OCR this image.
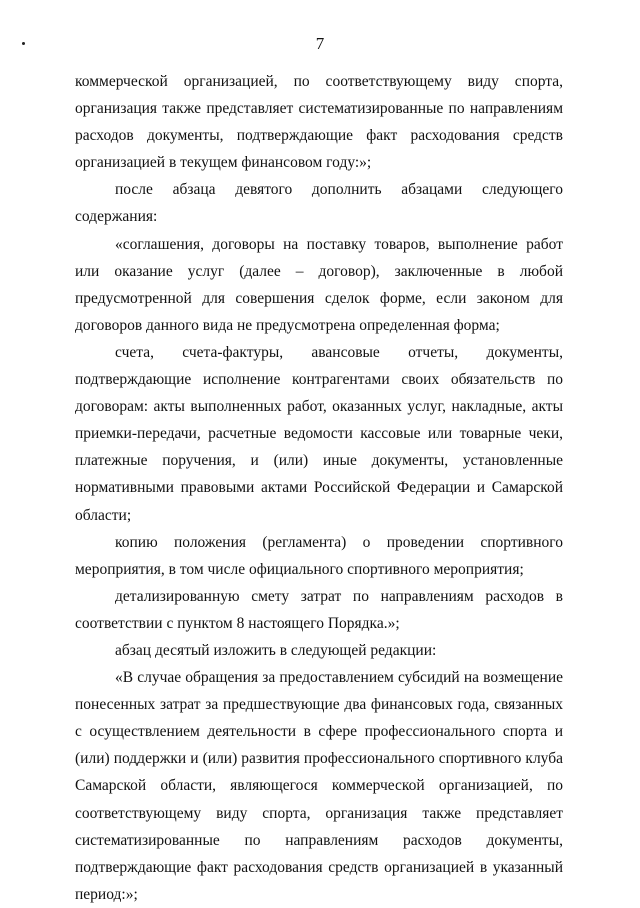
7

коммерческой организацией, по соответствующему виду спорта, организация также представляет систематизированные по направлениям расходов документы, подтверждающие факт расходования средств организацией в текущем финансовом году:»;

после абзаца девятого дополнить абзацами следующего содержания:

«соглашения, договоры на поставку товаров, выполнение работ или оказание услуг (далее – договор), заключенные в любой предусмотренной для совершения сделок форме, если законом для договоров данного вида не предусмотрена определенная форма;

счета, счета-фактуры, авансовые отчеты, документы, подтверждающие исполнение контрагентами своих обязательств по договорам: акты выполненных работ, оказанных услуг, накладные, акты приемки-передачи, расчетные ведомости кассовые или товарные чеки, платежные поручения, и (или) иные документы, установленные нормативными правовыми актами Российской Федерации и Самарской области;

копию положения (регламента) о проведении спортивного мероприятия, в том числе официального спортивного мероприятия;

детализированную смету затрат по направлениям расходов в соответствии с пунктом 8 настоящего Порядка.»;

абзац десятый изложить в следующей редакции:

«В случае обращения за предоставлением субсидий на возмещение понесенных затрат за предшествующие два финансовых года, связанных с осуществлением деятельности в сфере профессионального спорта и (или) поддержки и (или) развития профессионального спортивного клуба Самарской области, являющегося коммерческой организацией, по соответствующему виду спорта, организация также представляет систематизированные по направлениям расходов документы, подтверждающие факт расходования средств организацией в указанный период:»;
